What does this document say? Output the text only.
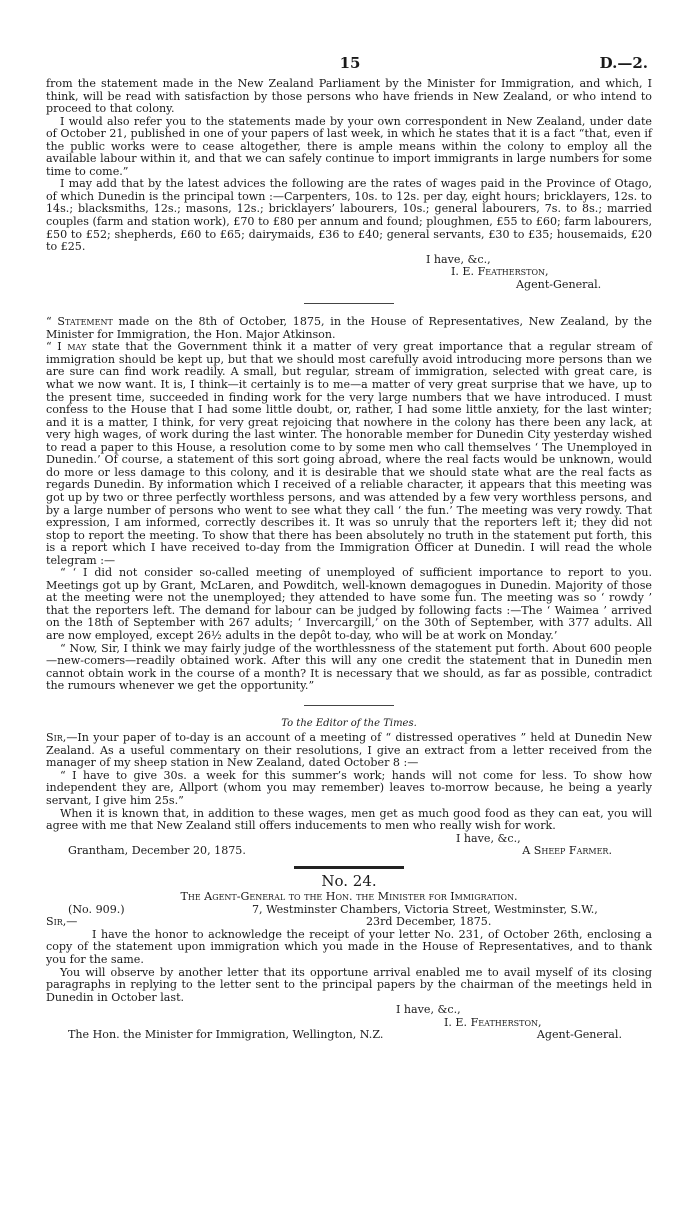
15	D.—2.

from the statement made in the New Zealand Parliament by the Minister for Immigration, and which, I think, will be read with satisfaction by those persons who have friends in New Zealand, or who intend to proceed to that colony.

I would also refer you to the statements made by your own correspondent in New Zealand, under date of October 21, published in one of your papers of last week, in which he states that it is a fact “that, even if the public works were to cease altogether, there is ample means within the colony to employ all the available labour within it, and that we can safely continue to import immigrants in large numbers for some time to come.”

I may add that by the latest advices the following are the rates of wages paid in the Province of Otago, of which Dunedin is the principal town :—Carpenters, 10s. to 12s. per day, eight hours; bricklayers, 12s. to 14s.; blacksmiths, 12s.; masons, 12s.; bricklayers’ labourers, 10s.; general labourers, 7s. to 8s.; married couples (farm and station work), £70 to £80 per annum and found; ploughmen, £55 to £60; farm labourers, £50 to £52; shepherds, £60 to £65; dairymaids, £36 to £40; general servants, £30 to £35; housemaids, £20 to £25.

I have, &c.,
I. E. Featherston,
Agent-General.

“ Statement made on the 8th of October, 1875, in the House of Representatives, New Zealand, by the Minister for Immigration, the Hon. Major Atkinson.

“ I may state that the Government think it a matter of very great importance that a regular stream of immigration should be kept up, but that we should most carefully avoid introducing more persons than we are sure can find work readily. A small, but regular, stream of immigration, selected with great care, is what we now want. It is, I think—it certainly is to me—a matter of very great surprise that we have, up to the present time, succeeded in finding work for the very large numbers that we have introduced. I must confess to the House that I had some little doubt, or, rather, I had some little anxiety, for the last winter; and it is a matter, I think, for very great rejoicing that nowhere in the colony has there been any lack, at very high wages, of work during the last winter. The honorable member for Dunedin City yesterday wished to read a paper to this House, a resolution come to by some men who call themselves ‘ The Unemployed in Dunedin.’ Of course, a statement of this sort going abroad, where the real facts would be unknown, would do more or less damage to this colony, and it is desirable that we should state what are the real facts as regards Dunedin. By information which I received of a reliable character, it appears that this meeting was got up by two or three perfectly worthless persons, and was attended by a few very worthless persons, and by a large number of persons who went to see what they call ‘ the fun.’ The meeting was very rowdy. That expression, I am informed, correctly describes it. It was so unruly that the reporters left it; they did not stop to report the meeting. To show that there has been absolutely no truth in the statement put forth, this is a report which I have received to-day from the Immigration Officer at Dunedin. I will read the whole telegram :—

“ ‘ I did not consider so-called meeting of unemployed of sufficient importance to report to you. Meetings got up by Grant, McLaren, and Powditch, well-known demagogues in Dunedin. Majority of those at the meeting were not the unemployed; they attended to have some fun. The meeting was so ‘ rowdy ’ that the reporters left. The demand for labour can be judged by following facts :—The ‘ Waimea ’ arrived on the 18th of September with 267 adults; ‘ Invercargill,’ on the 30th of September, with 377 adults. All are now employed, except 26½ adults in the depôt to-day, who will be at work on Monday.’

“ Now, Sir, I think we may fairly judge of the worthlessness of the statement put forth. About 600 people—new-comers—readily obtained work. After this will any one credit the statement that in Dunedin men cannot obtain work in the course of a month? It is necessary that we should, as far as possible, contradict the rumours whenever we get the opportunity.”

To the Editor of the Times.

Sir,—In your paper of to-day is an account of a meeting of “ distressed operatives ” held at Dunedin New Zealand. As a useful commentary on their resolutions, I give an extract from a letter received from the manager of my sheep station in New Zealand, dated October 8 :—

“ I have to give 30s. a week for this summer’s work; hands will not come for less. To show how independent they are, Allport (whom you may remember) leaves to-morrow because, he being a yearly servant, I give him 25s.”

When it is known that, in addition to these wages, men get as much good food as they can eat, you will agree with me that New Zealand still offers inducements to men who really wish for work.

I have, &c.,
Grantham, December 20, 1875.	A Sheep Farmer.
No. 24.
The Agent-General to the Hon. the Minister for Immigration.
(No. 909.)	7, Westminster Chambers, Victoria Street, Westminster, S.W.,
Sir,—	23rd December, 1875.

I have the honor to acknowledge the receipt of your letter No. 231, of October 26th, enclosing a copy of the statement upon immigration which you made in the House of Representatives, and to thank you for the same.

You will observe by another letter that its opportune arrival enabled me to avail myself of its closing paragraphs in replying to the letter sent to the principal papers by the chairman of the meetings held in Dunedin in October last.

I have, &c.,
I. E. Featherston,
The Hon. the Minister for Immigration, Wellington, N.Z.	Agent-General.
